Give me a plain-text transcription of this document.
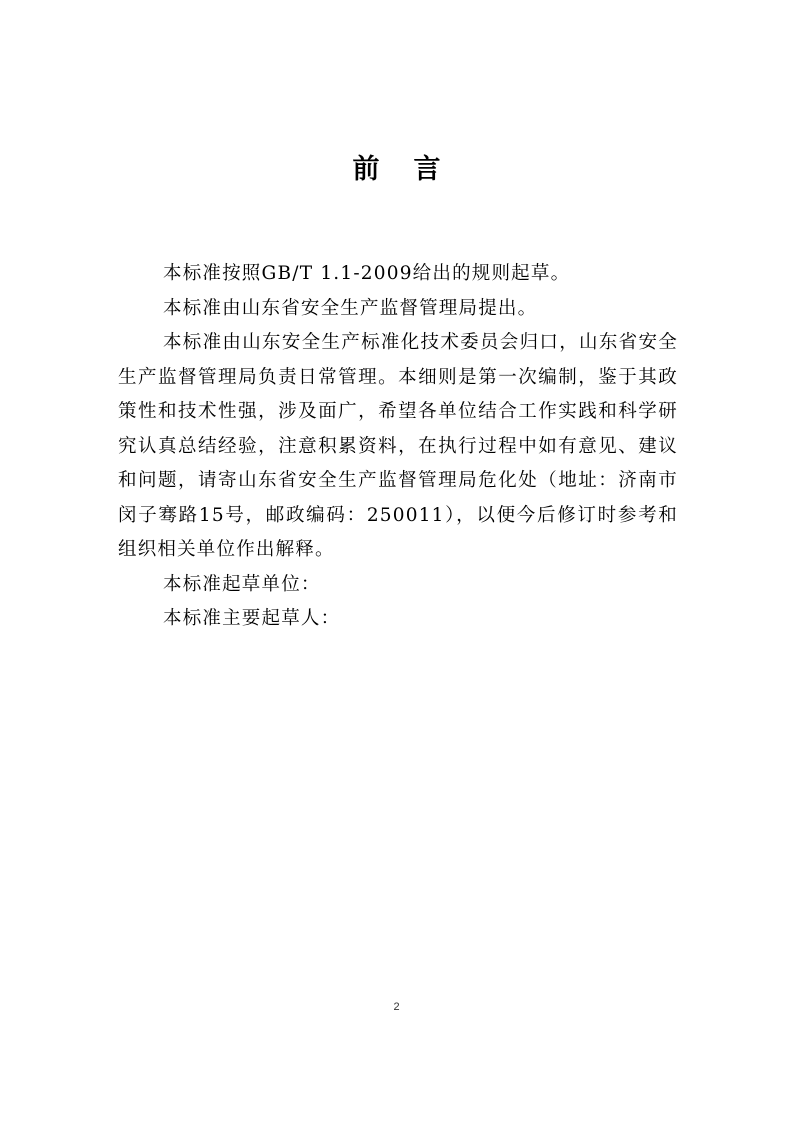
前言

本标准按照GB/T 1.1-2009给出的规则起草。

本标准由山东省安全生产监督管理局提出。

本标准由山东安全生产标准化技术委员会归口，山东省安全生产监督管理局负责日常管理。本细则是第一次编制，鉴于其政策性和技术性强，涉及面广，希望各单位结合工作实践和科学研究认真总结经验，注意积累资料，在执行过程中如有意见、建议和问题，请寄山东省安全生产监督管理局危化处（地址：济南市闵子骞路15号，邮政编码：250011），以便今后修订时参考和组织相关单位作出解释。

本标准起草单位：

本标准主要起草人：

2
